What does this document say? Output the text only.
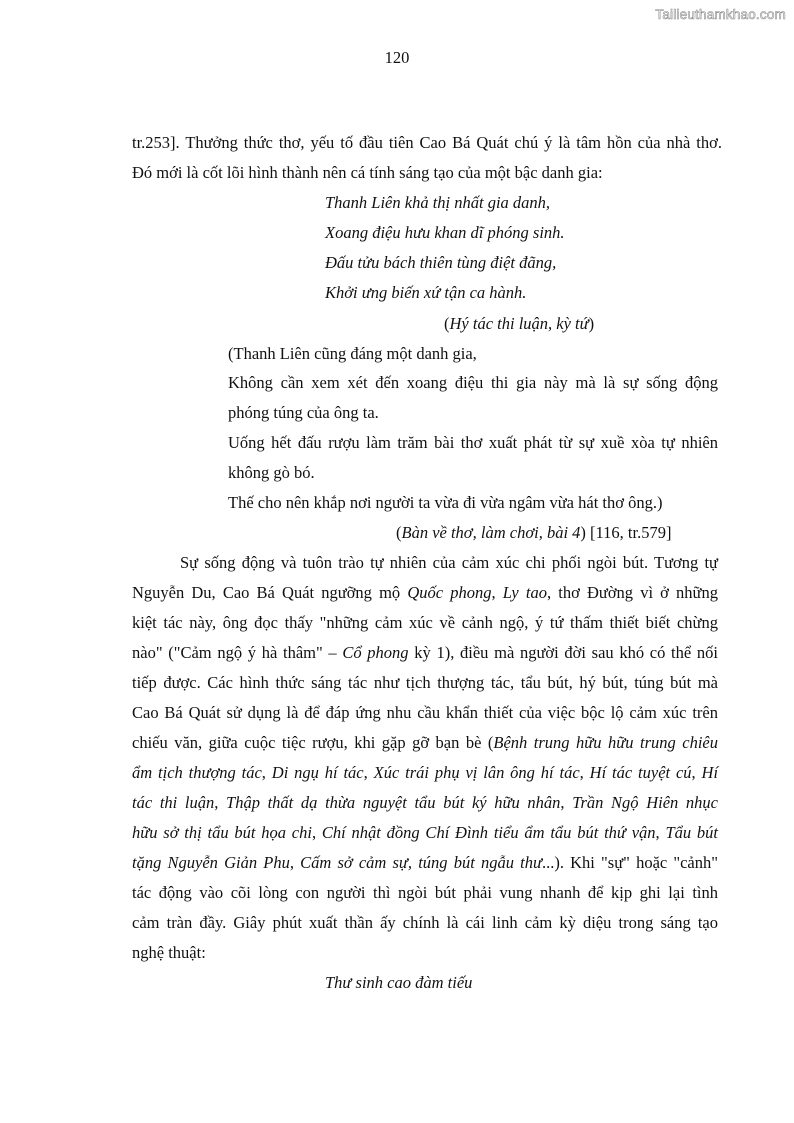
Tailieuthamkhao.com
120
tr.253]. Thưởng thức thơ, yếu tố đầu tiên Cao Bá Quát chú ý là tâm hồn của nhà thơ.
Đó mới là cốt lõi hình thành nên cá tính sáng tạo của một bậc danh gia:
Thanh Liên khả thị nhất gia danh,
Xoang điệu hưu khan dĩ phóng sinh.
Đấu tửu bách thiên tùng điệt đãng,
Khởi ưng biến xứ tận ca hành.
(Hý tác thi luận, kỳ tứ)
(Thanh Liên cũng đáng một danh gia,
Không cần xem xét đến xoang điệu thi gia này mà là sự sống động
phóng túng của ông ta.
Uống hết đấu rượu làm trăm bài thơ xuất phát từ sự xuề xòa tự nhiên
không gò bó.
Thế cho nên khắp nơi người ta vừa đi vừa ngâm vừa hát thơ ông.)
(Bàn về thơ, làm chơi, bài 4) [116, tr.579]
Sự sống động và tuôn trào tự nhiên của cảm xúc chi phối ngòi bút. Tương tự
Nguyễn Du, Cao Bá Quát ngưỡng mộ Quốc phong, Ly tao, thơ Đường vì ở những
kiệt tác này, ông đọc thấy "những cảm xúc về cảnh ngộ, ý tứ thấm thiết biết chừng
nào" ("Cảm ngộ ý hà thâm" – Cổ phong kỳ 1), điều mà người đời sau khó có thể nối
tiếp được. Các hình thức sáng tác như tịch thượng tác, tẩu bút, hý bút, túng bút mà
Cao Bá Quát sử dụng là để đáp ứng nhu cầu khẩn thiết của việc bộc lộ cảm xúc trên
chiếu văn, giữa cuộc tiệc rượu, khi gặp gỡ bạn bè (Bệnh trung hữu hữu trung chiêu
ẩm tịch thượng tác, Di ngụ hí tác, Xúc trái phụ vị lân ông hí tác, Hí tác tuyệt cú, Hí
tác thi luận, Thập thất dạ thừa nguyệt tẩu bút ký hữu nhân, Trần Ngộ Hiên nhục
hữu sở thị tẩu bút họa chi, Chí nhật đồng Chí Đình tiểu ẩm tẩu bút thứ vận, Tẩu bút
tặng Nguyễn Giản Phu, Cấm sở cảm sự, túng bút ngẫu thư...). Khi "sự" hoặc "cảnh"
tác động vào cõi lòng con người thì ngòi bút phải vung nhanh để kịp ghi lại tình
cảm tràn đầy. Giây phút xuất thần ấy chính là cái linh cảm kỳ diệu trong sáng tạo
nghệ thuật:
Thư sinh cao đàm tiếu
